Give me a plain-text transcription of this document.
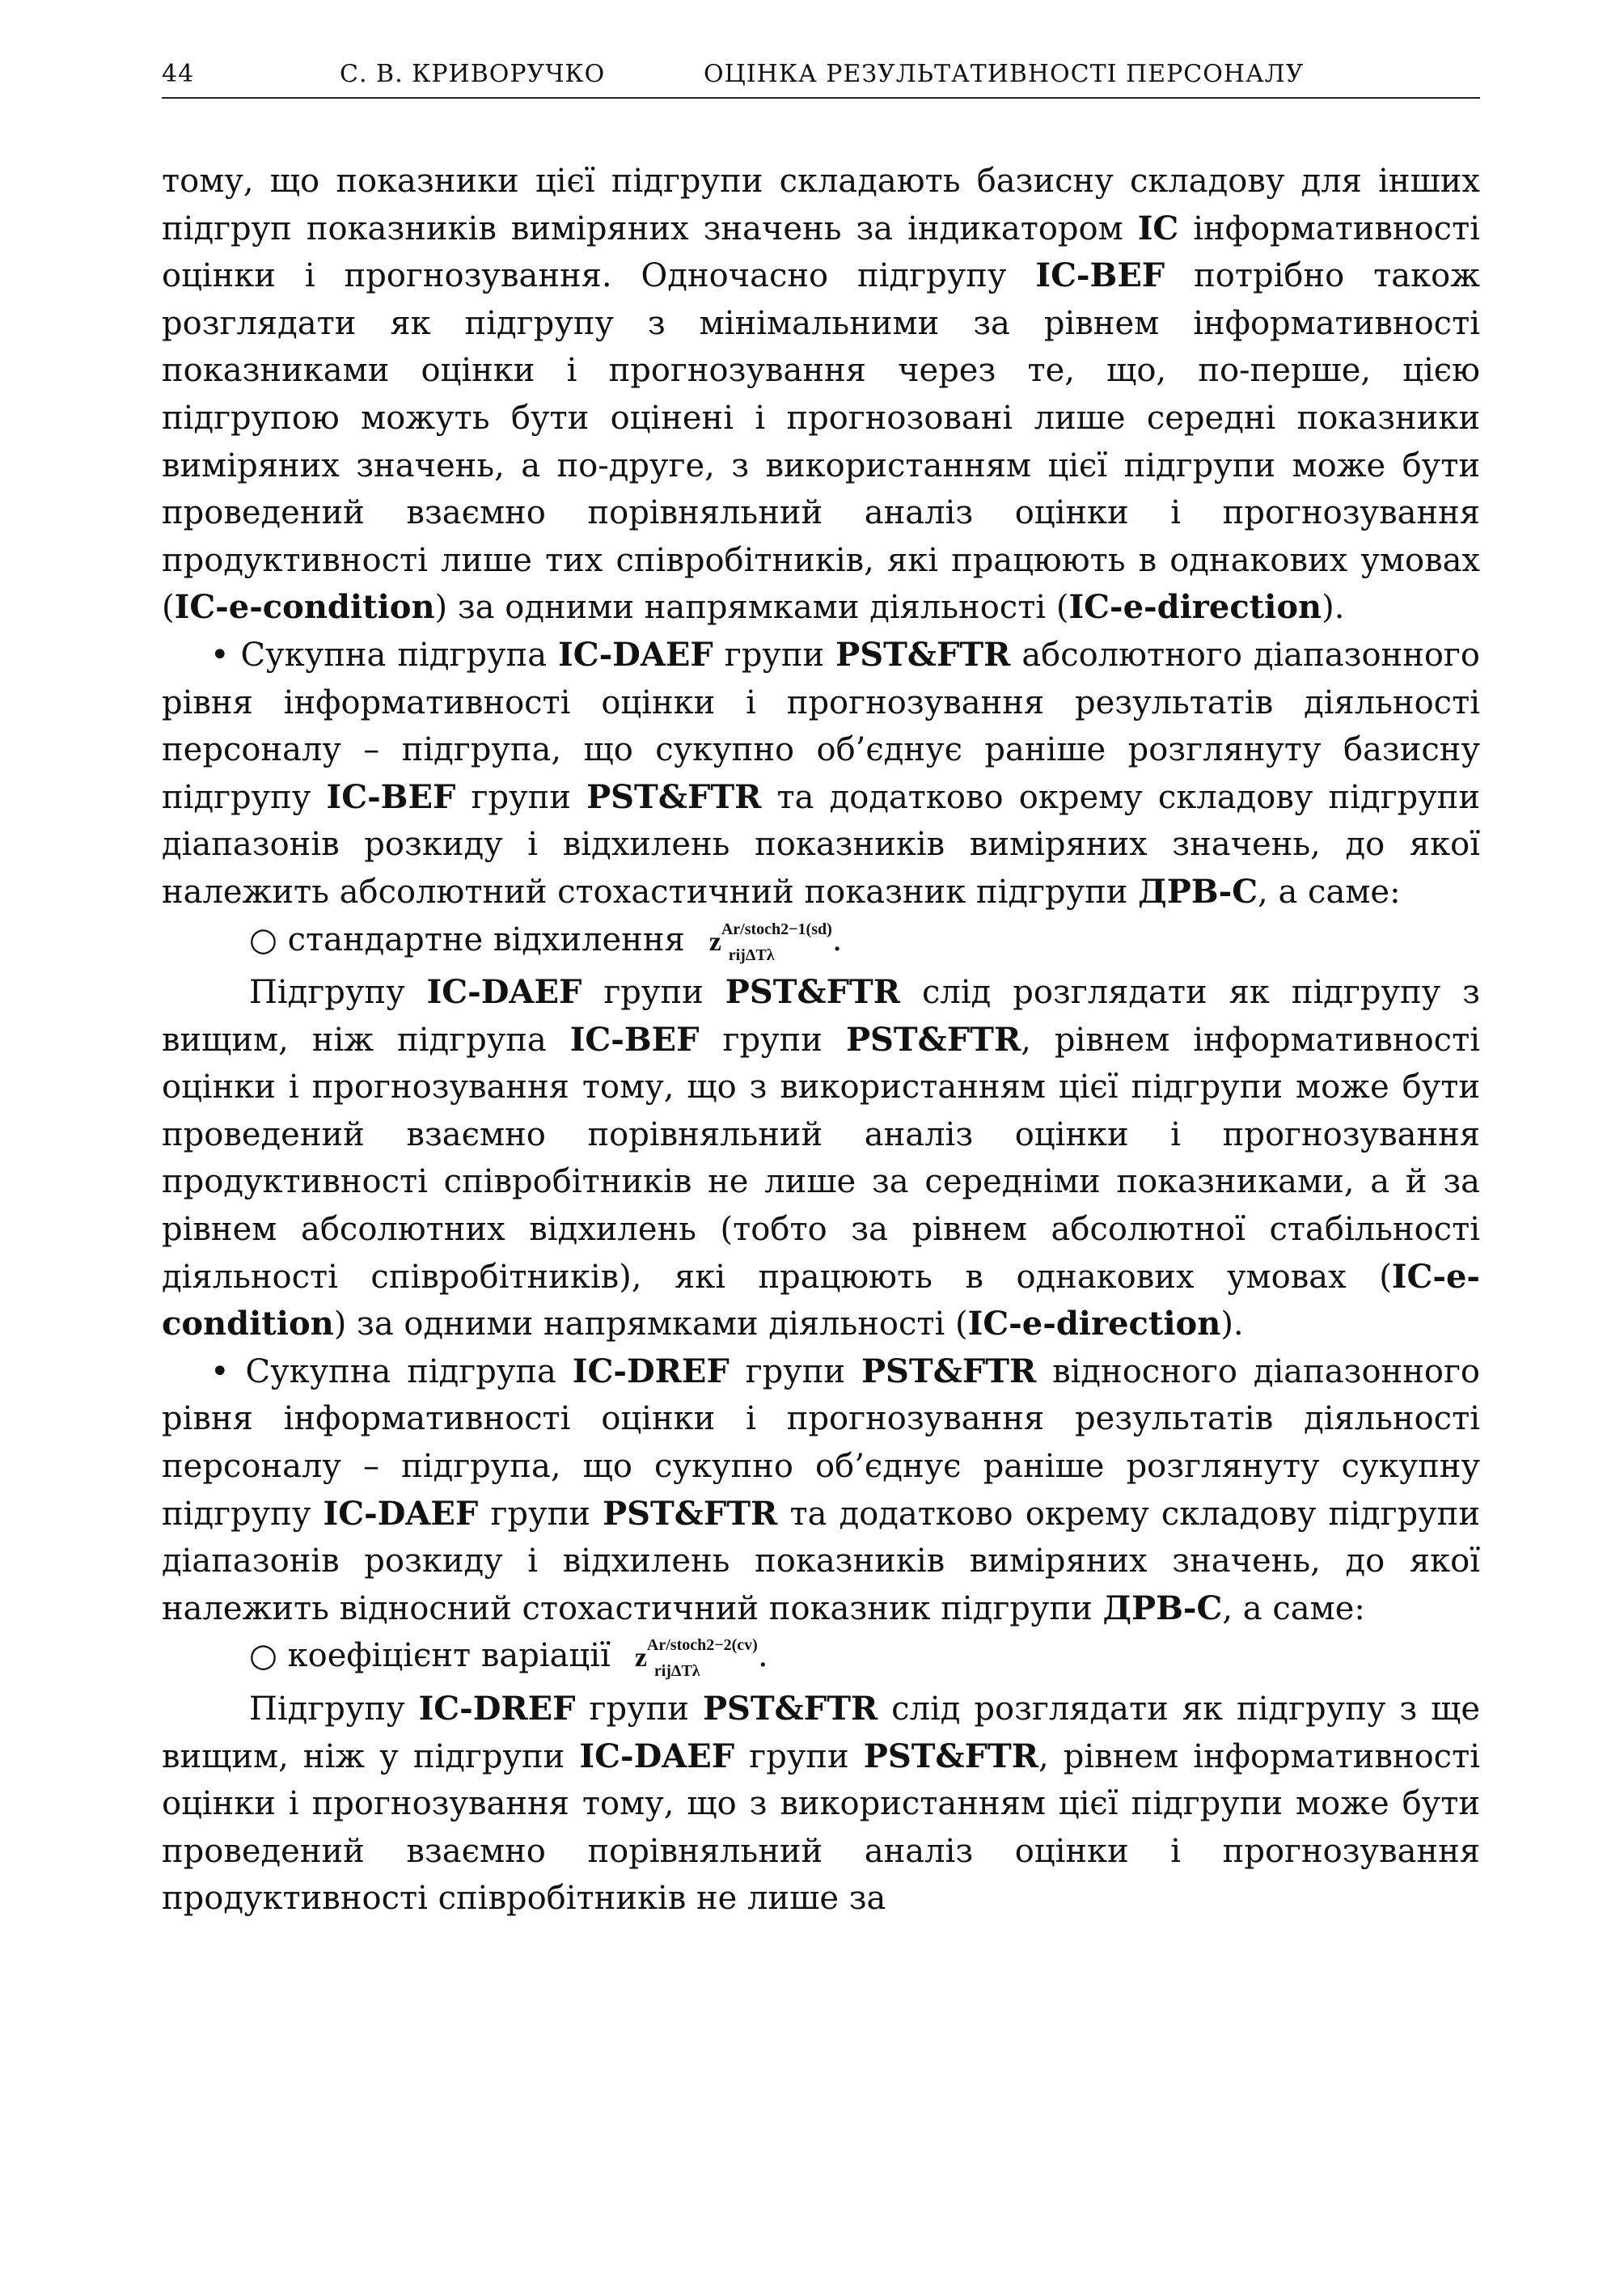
44	С. В. КРИВОРУЧКО	ОЦІНКА РЕЗУЛЬТАТИВНОСТІ ПЕРСОНАЛУ

тому, що показники цієї підгрупи складають базисну складову для інших підгруп показників виміряних значень за індикатором IC інформативності оцінки і прогнозування. Одночасно підгрупу IC-BEF потрібно також розглядати як підгрупу з мінімальними за рівнем інформативності показниками оцінки і прогнозування через те, що, по-перше, цією підгрупою можуть бути оцінені і прогнозовані лише середні показники виміряних значень, а по-друге, з використанням цієї підгрупи може бути проведений взаємно порівняльний аналіз оцінки і прогнозування продуктивності лише тих співробітників, які працюють в однакових умовах (IC-e-condition) за одними напрямками діяльності (IC-e-direction).

• Сукупна підгрупа IC-DAEF групи PST&FTR абсолютного діапазонного рівня інформативності оцінки і прогнозування результатів діяльності персоналу – підгрупа, що сукупно об’єднує раніше розглянуту базисну підгрупу IC-BEF групи PST&FTR та додатково окрему складову підгрупи діапазонів розкиду і відхилень показників виміряних значень, до якої належить абсолютний стохастичний показник підгрупи ДРВ-С, а саме:

○ стандартне відхилення $z^{Ar/stoch2-1(sd)}$
rijΔTλ .

Підгрупу IC-DAEF групи PST&FTR слід розглядати як підгрупу з вищим, ніж підгрупа IC-BEF групи PST&FTR, рівнем інформативності оцінки і прогнозування тому, що з використанням цієї підгрупи може бути проведений взаємно порівняльний аналіз оцінки і прогнозування продуктивності співробітників не лише за середніми показниками, а й за рівнем абсолютних відхилень (тобто за рівнем абсолютної стабільності діяльності співробітників), які працюють в однакових умовах (IC-e-condition) за одними напрямками діяльності (IC-e-direction).

• Сукупна підгрупа IC-DREF групи PST&FTR відносного діапазонного рівня інформативності оцінки і прогнозування результатів діяльності персоналу – підгрупа, що сукупно об’єднує раніше розглянуту сукупну підгрупу IC-DAEF групи PST&FTR та додатково окрему складову підгрупи діапазонів розкиду і відхилень показників виміряних значень, до якої належить відносний стохастичний показник підгрупи ДРВ-С, а саме:

○ коефіцієнт варіації $z^{Ar/stoch2-2(cv)}$
rijΔTλ .

Підгрупу IC-DREF групи PST&FTR слід розглядати як підгрупу з ще вищим, ніж у підгрупи IC-DAEF групи PST&FTR, рівнем інформативності оцінки і прогнозування тому, що з використанням цієї підгрупи може бути проведений взаємно порівняльний аналіз оцінки і прогнозування продуктивності співробітників не лише за
